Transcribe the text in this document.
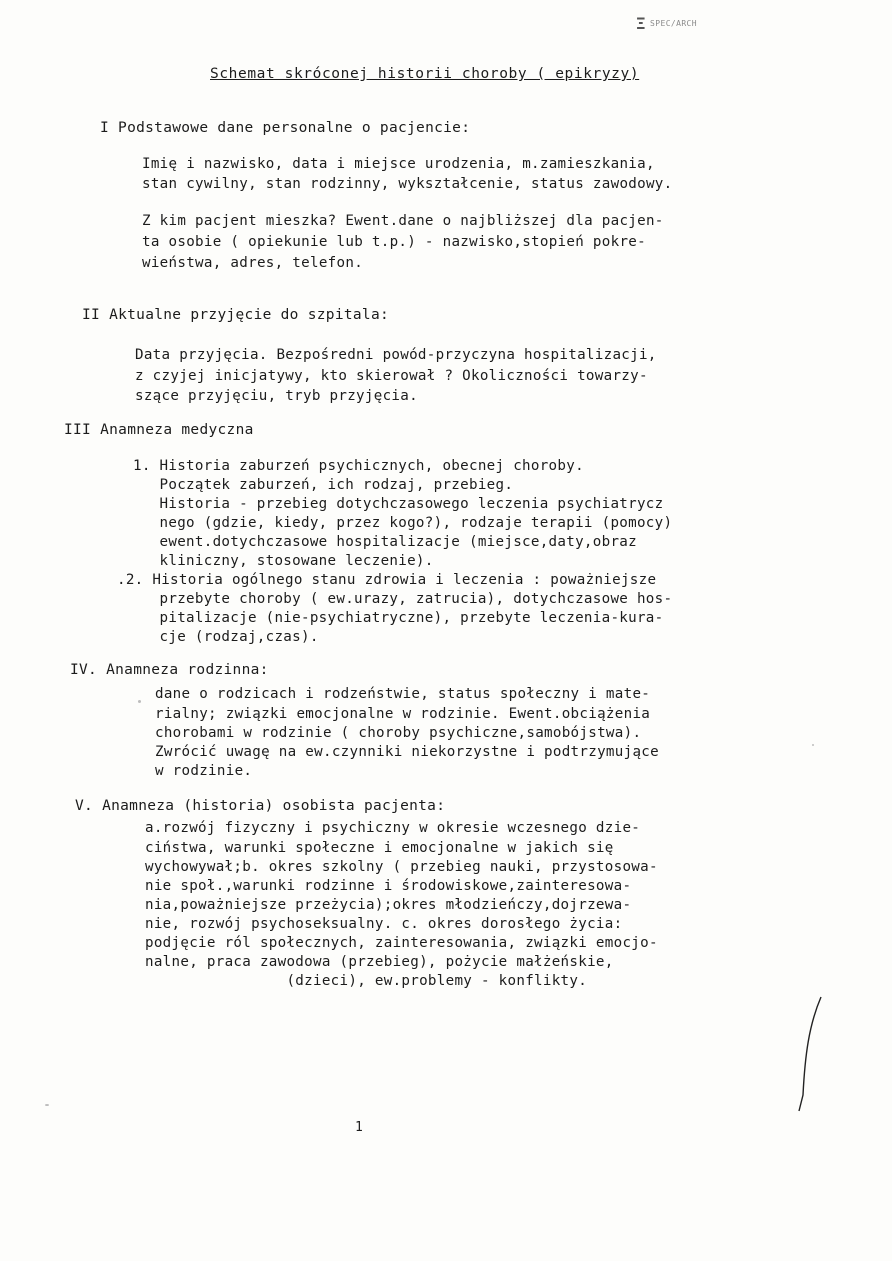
ΞSPEC/ARCH
Schemat skróconej historii choroby ( epikryzy)
I Podstawowe dane personalne o pacjencie:
Imię i nazwisko, data i miejsce urodzenia, m.zamieszkania,
stan cywilny, stan rodzinny, wykształcenie, status zawodowy.
Z kim pacjent mieszka? Ewent.dane o najbliższej dla pacjen-
ta osobie ( opiekunie lub t.p.) - nazwisko,stopień pokre-
wieństwa, adres, telefon.
II Aktualne przyjęcie do szpitala:
Data przyjęcia. Bezpośredni powód-przyczyna hospitalizacji,
z czyjej inicjatywy, kto skierował ? Okoliczności towarzy-
szące przyjęciu, tryb przyjęcia.
III Anamneza medyczna
1. Historia zaburzeń psychicznych, obecnej choroby.
Początek zaburzeń, ich rodzaj, przebieg.
Historia - przebieg dotychczasowego leczenia psychiatrycz
nego (gdzie, kiedy, przez kogo?), rodzaje terapii (pomocy)
ewent.dotychczasowe hospitalizacje (miejsce,daty,obraz
kliniczny, stosowane leczenie).
.2. Historia ogólnego stanu zdrowia i leczenia : poważniejsze
przebyte choroby ( ew.urazy, zatrucia), dotychczasowe hos-
pitalizacje (nie-psychiatryczne), przebyte leczenia-kura-
cje (rodzaj,czas).
IV. Anamneza rodzinna:
dane o rodzicach i rodzeństwie, status społeczny i mate-
rialny; związki emocjonalne w rodzinie. Ewent.obciążenia
chorobami w rodzinie ( choroby psychiczne,samobójstwa).
Zwrócić uwagę na ew.czynniki niekorzystne i podtrzymujące
w rodzinie.
V. Anamneza (historia) osobista pacjenta:
a.rozwój fizyczny i psychiczny w okresie wczesnego dzie-
ciństwa, warunki społeczne i emocjonalne w jakich się
wychowywał;b. okres szkolny ( przebieg nauki, przystosowa-
nie społ.,warunki rodzinne i środowiskowe,zainteresowa-
nia,poważniejsze przeżycia);okres młodzieńczy,dojrzewa-
nie, rozwój psychoseksualny. c. okres dorosłego życia:
podjęcie ról społecznych, zainteresowania, związki emocjo-
nalne, praca zawodowa (przebieg), pożycie małżeńskie,
(dzieci), ew.problemy - konflikty.
1
